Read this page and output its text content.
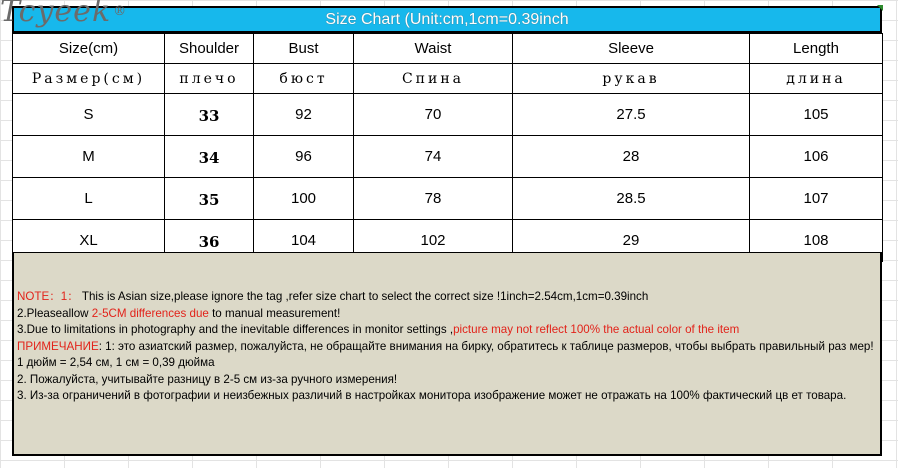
Tcyeek ®	Size Chart (Unit:cm,1cm=0.39inch
Size(cm)	Shoulder	Bust	Waist	Sleeve	Length
Размер(см)	плечо	бюст	Спина	рукав	длина
S	33	92	70	27.5	105
M	34	96	74	28	106
L	35	100	78	28.5	107
XL	36	104	102	29	108

NOTE：1： This is Asian size,please ignore the tag ,refer size chart to select the correct size !1inch=2.54cm,1cm=0.39inch

2.Pleaseallow 2-5CM differences due to manual measurement!

3.Due to limitations in photography and the inevitable differences in monitor settings ,picture may not reflect 100% the actual color of the item

ПРИМЕЧАНИЕ: 1: это азиатский размер, пожалуйста, не обращайте внимания на бирку, обратитесь к таблице размеров, чтобы выбрать правильный раз мер! 1 дюйм = 2,54 см, 1 см = 0,39 дюйма

2. Пожалуйста, учитывайте разницу в 2-5 см из-за ручного измерения!

3. Из-за ограничений в фотографии и неизбежных различий в настройках монитора изображение может не отражать на 100% фактический цв ет товара.
